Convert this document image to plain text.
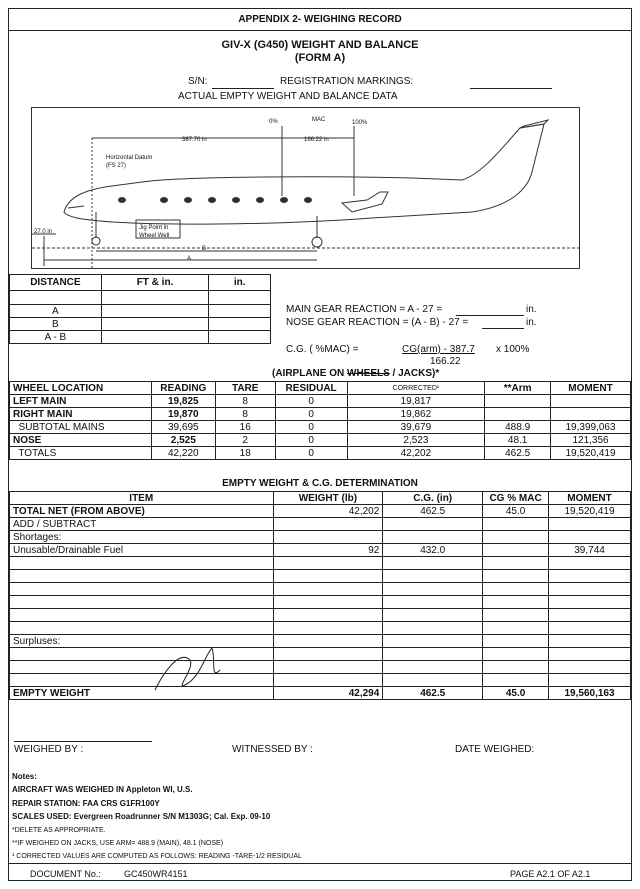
APPENDIX 2- WEIGHING RECORD
GIV-X (G450) WEIGHT AND BALANCE
(FORM A)
S/N:	REGISTRATION MARKINGS:
ACTUAL EMPTY WEIGHT AND BALANCE DATA
0%	MAC	100%
387.70 in	166.22 in
Horizontal Datum
(FS 27)
Jig Point in
Wheel Well
27.0 in
B
A
DISTANCE	FT & in.	in.

A		
B		
A - B		
MAIN GEAR REACTION = A - 27 =	in.
NOSE GEAR REACTION = (A - B) - 27 =	in.
C.G. ( %MAC) =	CG(arm) - 387.7
166.22
x 100%
(AIRPLANE ON WHEELS / JACKS)*
WHEEL LOCATION	READING	TARE	RESIDUAL	CORRECTED¹	**Arm	MOMENT
LEFT MAIN	19,825	8	0	19,817		
RIGHT MAIN	19,870	8	0	19,862		
SUBTOTAL MAINS	39,695	16	0	39,679	488.9	19,399,063
NOSE	2,525	2	0	2,523	48.1	121,356
TOTALS	42,220	18	0	42,202	462.5	19,520,419
EMPTY WEIGHT & C.G. DETERMINATION
ITEM	WEIGHT (lb)	C.G. (in)	CG % MAC	MOMENT
TOTAL NET (FROM ABOVE)	42,202	462.5	45.0	19,520,419
ADD / SUBTRACT				
Shortages:				
Unusable/Drainable Fuel	92	432.0		39,744

Surpluses:				

EMPTY WEIGHT	42,294	462.5	45.0	19,560,163
WEIGHED BY :	WITNESSED BY :	DATE WEIGHED:
Notes:
AIRCRAFT WAS WEIGHED IN Appleton WI, U.S.
REPAIR STATION: FAA CRS G1FR100Y
SCALES USED: Evergreen Roadrunner S/N M1303G; Cal. Exp. 09-10
*DELETE AS APPROPRIATE.
**IF WEIGHED ON JACKS, USE ARM= 488.9 (MAIN), 48.1 (NOSE)
¹ CORRECTED VALUES ARE COMPUTED AS FOLLOWS: READING -TARE-1/2 RESIDUAL
DOCUMENT No.:	GC450WR4151	PAGE A2.1 OF A2.1
